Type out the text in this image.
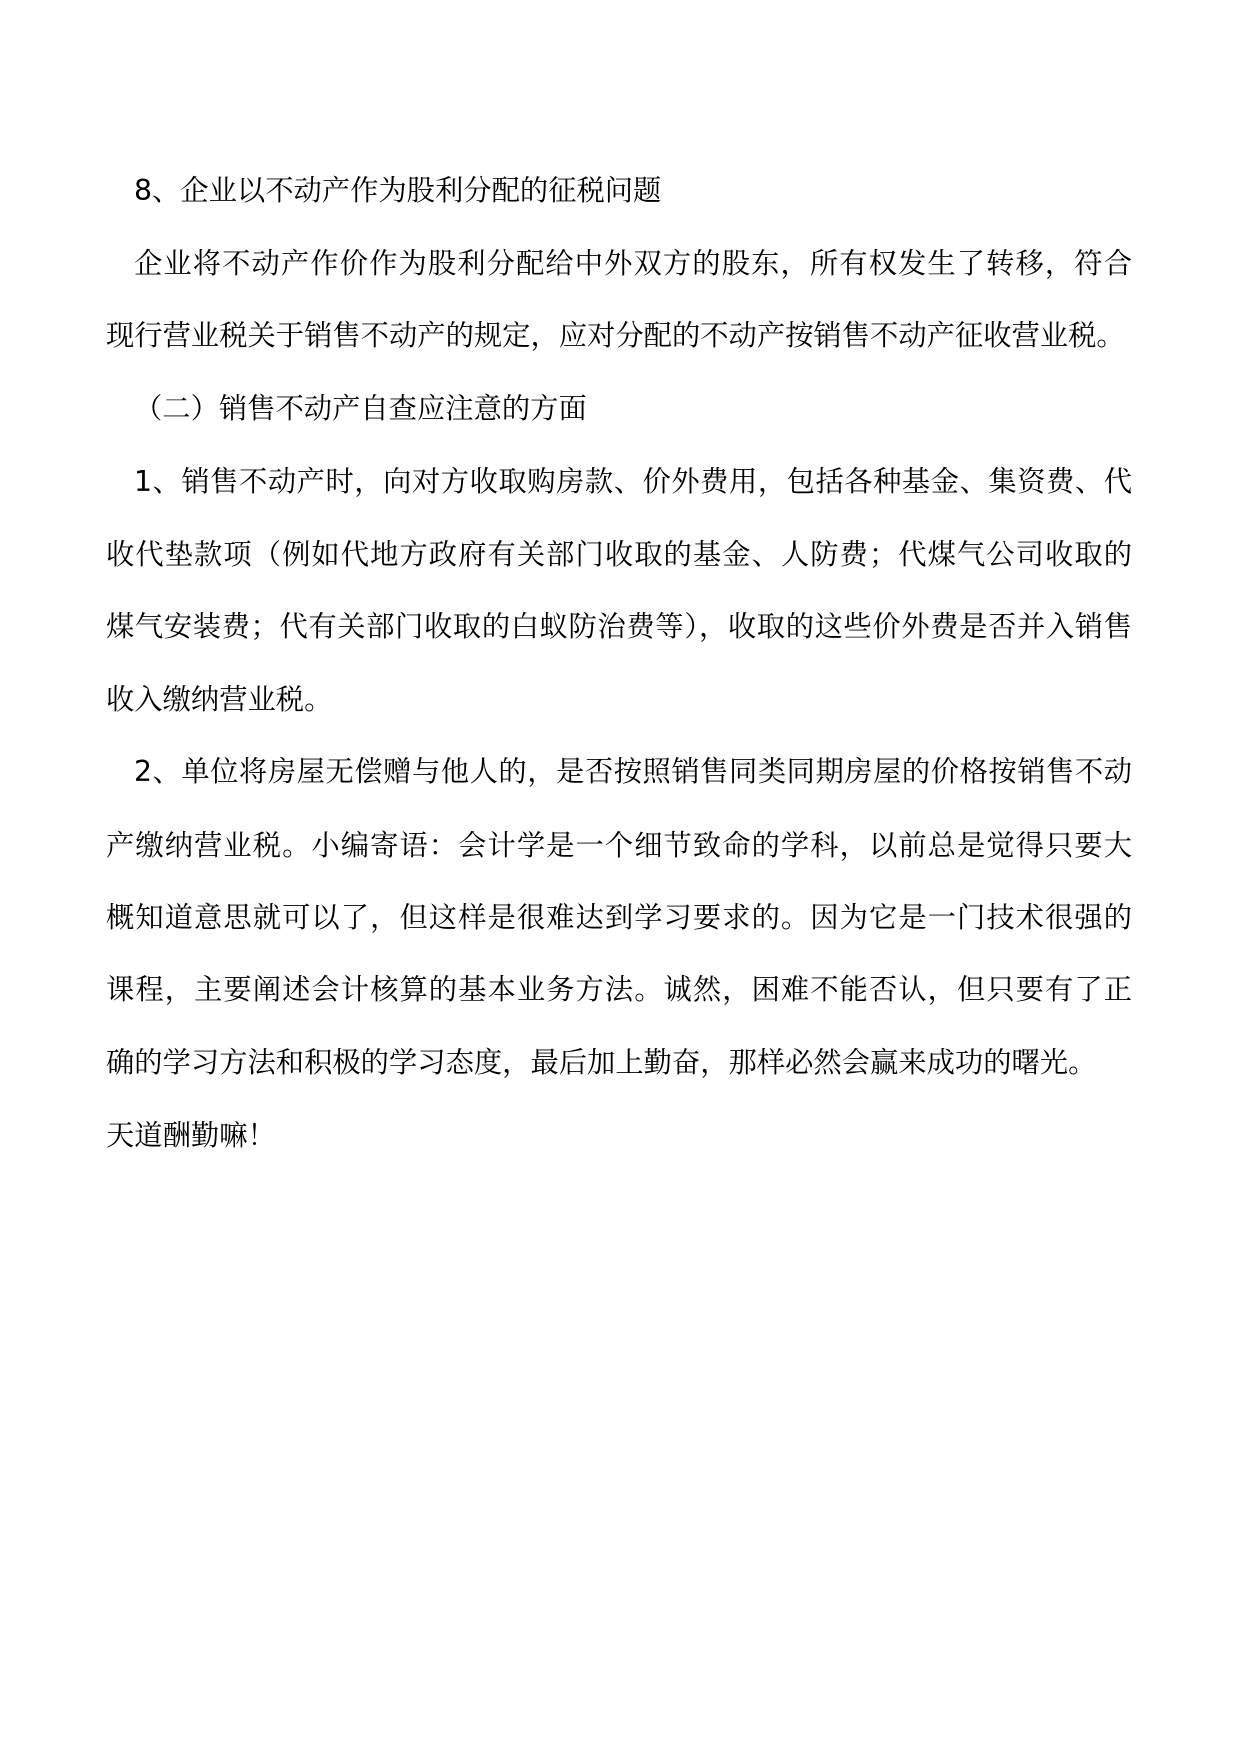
8、企业以不动产作为股利分配的征税问题
企业将不动产作价作为股利分配给中外双方的股东，所有权发生了转移，符合
现行营业税关于销售不动产的规定，应对分配的不动产按销售不动产征收营业税。
（二）销售不动产自查应注意的方面
1、销售不动产时，向对方收取购房款、价外费用，包括各种基金、集资费、代
收代垫款项（例如代地方政府有关部门收取的基金、人防费；代煤气公司收取的
煤气安装费；代有关部门收取的白蚁防治费等），收取的这些价外费是否并入销售
收入缴纳营业税。
2、单位将房屋无偿赠与他人的，是否按照销售同类同期房屋的价格按销售不动
产缴纳营业税。小编寄语：会计学是一个细节致命的学科，以前总是觉得只要大
概知道意思就可以了，但这样是很难达到学习要求的。因为它是一门技术很强的
课程，主要阐述会计核算的基本业务方法。诚然，困难不能否认，但只要有了正
确的学习方法和积极的学习态度，最后加上勤奋，那样必然会赢来成功的曙光。
天道酬勤嘛！
